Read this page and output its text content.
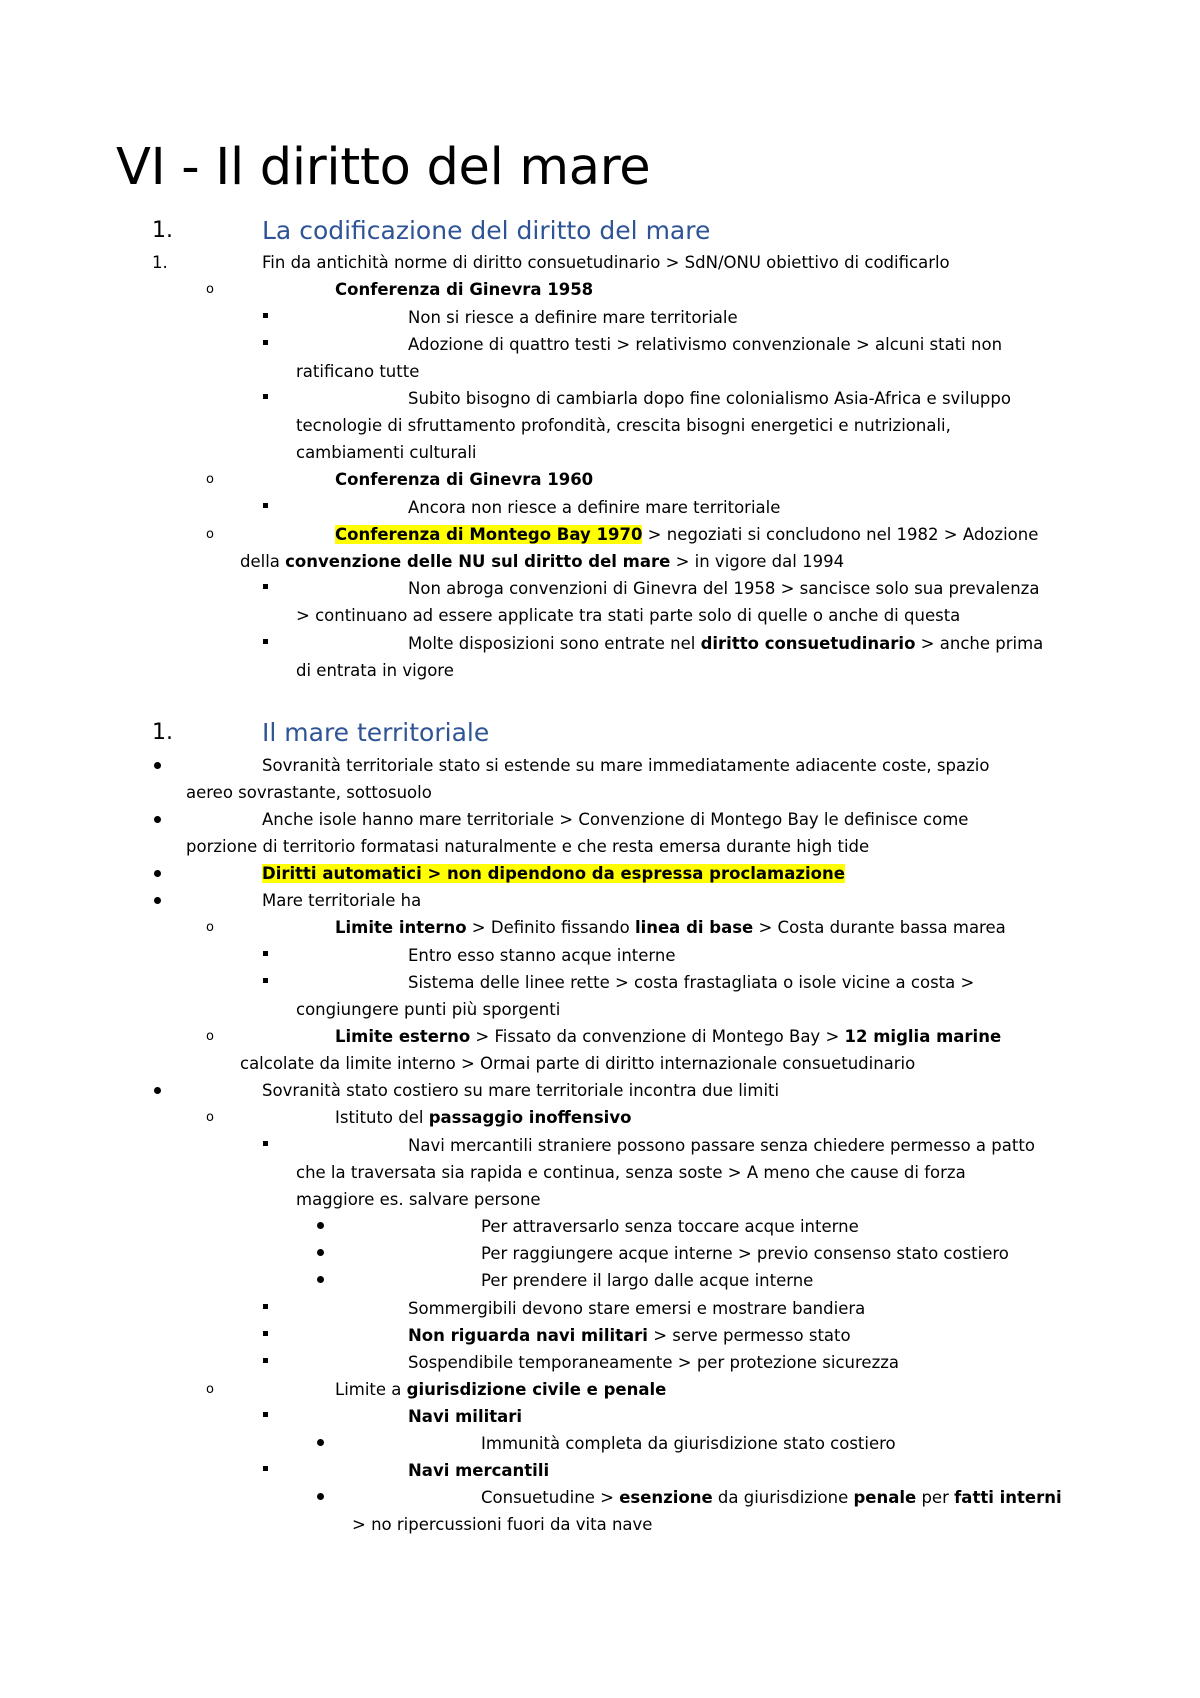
VI - Il diritto del mare
1.	La codificazione del diritto del mare
1.	Fin da antichità norme di diritto consuetudinario > SdN/ONU obiettivo di codificarlo
o	Conferenza di Ginevra 1958
Non si riesce a definire mare territoriale
Adozione di quattro testi > relativismo convenzionale > alcuni stati non
ratificano tutte
Subito bisogno di cambiarla dopo fine colonialismo Asia-Africa e sviluppo
tecnologie di sfruttamento profondità, crescita bisogni energetici e nutrizionali,
cambiamenti culturali
o	Conferenza di Ginevra 1960
Ancora non riesce a definire mare territoriale
o	Conferenza di Montego Bay 1970 > negoziati si concludono nel 1982 > Adozione
della convenzione delle NU sul diritto del mare > in vigore dal 1994
Non abroga convenzioni di Ginevra del 1958 > sancisce solo sua prevalenza
> continuano ad essere applicate tra stati parte solo di quelle o anche di questa
Molte disposizioni sono entrate nel diritto consuetudinario > anche prima
di entrata in vigore
1.	Il mare territoriale
Sovranità territoriale stato si estende su mare immediatamente adiacente coste, spazio
aereo sovrastante, sottosuolo
Anche isole hanno mare territoriale > Convenzione di Montego Bay le definisce come
porzione di territorio formatasi naturalmente e che resta emersa durante high tide
Diritti automatici > non dipendono da espressa proclamazione
Mare territoriale ha
o	Limite interno > Definito fissando linea di base > Costa durante bassa marea
Entro esso stanno acque interne
Sistema delle linee rette > costa frastagliata o isole vicine a costa >
congiungere punti più sporgenti
o	Limite esterno > Fissato da convenzione di Montego Bay > 12 miglia marine
calcolate da limite interno > Ormai parte di diritto internazionale consuetudinario
Sovranità stato costiero su mare territoriale incontra due limiti
o	Istituto del passaggio inoffensivo
Navi mercantili straniere possono passare senza chiedere permesso a patto
che la traversata sia rapida e continua, senza soste > A meno che cause di forza
maggiore es. salvare persone
Per attraversarlo senza toccare acque interne
Per raggiungere acque interne > previo consenso stato costiero
Per prendere il largo dalle acque interne
Sommergibili devono stare emersi e mostrare bandiera
Non riguarda navi militari > serve permesso stato
Sospendibile temporaneamente > per protezione sicurezza
o	Limite a giurisdizione civile e penale
Navi militari
Immunità completa da giurisdizione stato costiero
Navi mercantili
Consuetudine > esenzione da giurisdizione penale per fatti interni
> no ripercussioni fuori da vita nave
